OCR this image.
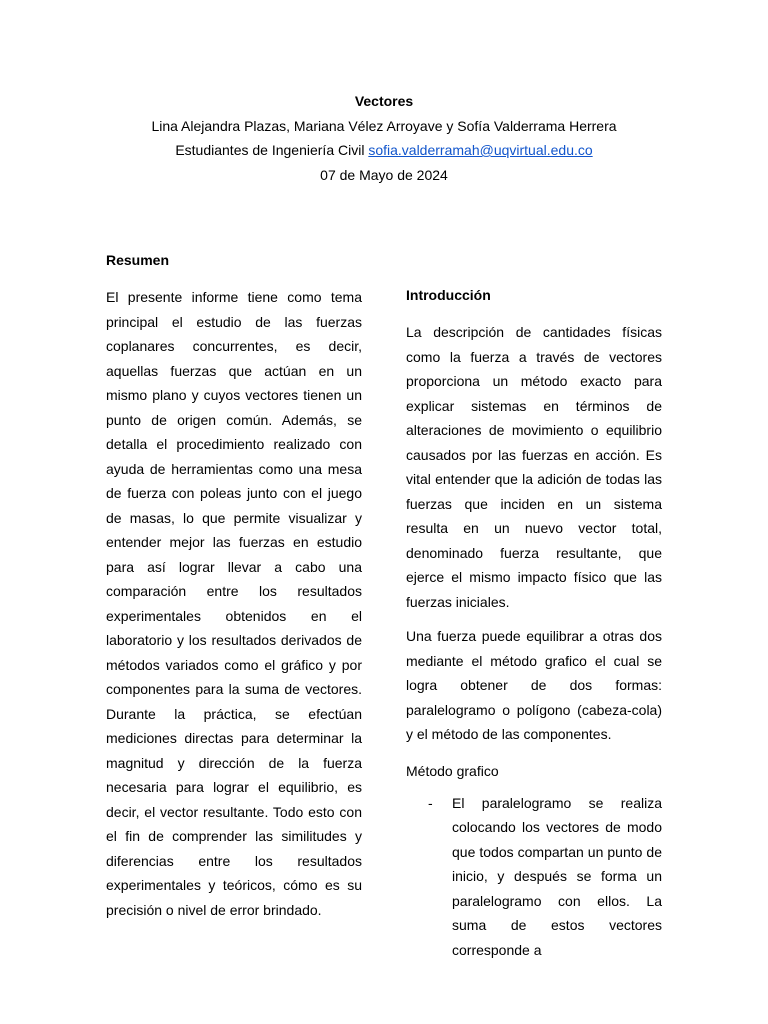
Vectores
Lina Alejandra Plazas, Mariana Vélez Arroyave y Sofía Valderrama Herrera
Estudiantes de Ingeniería Civil sofia.valderramah@uqvirtual.edu.co
07 de Mayo de 2024

Resumen

El presente informe tiene como tema principal el estudio de las fuerzas coplanares concurrentes, es decir, aquellas fuerzas que actúan en un mismo plano y cuyos vectores tienen un punto de origen común. Además, se detalla el procedimiento realizado con ayuda de herramientas como una mesa de fuerza con poleas junto con el juego de masas, lo que permite visualizar y entender mejor las fuerzas en estudio para así lograr llevar a cabo una comparación entre los resultados experimentales obtenidos en el laboratorio y los resultados derivados de métodos variados como el gráfico y por componentes para la suma de vectores. Durante la práctica, se efectúan mediciones directas para determinar la magnitud y dirección de la fuerza necesaria para lograr el equilibrio, es decir, el vector resultante. Todo esto con el fin de comprender las similitudes y diferencias entre los resultados experimentales y teóricos, cómo es su precisión o nivel de error brindado.

Introducción

La descripción de cantidades físicas como la fuerza a través de vectores proporciona un método exacto para explicar sistemas en términos de alteraciones de movimiento o equilibrio causados por las fuerzas en acción. Es vital entender que la adición de todas las fuerzas que inciden en un sistema resulta en un nuevo vector total, denominado fuerza resultante, que ejerce el mismo impacto físico que las fuerzas iniciales.

Una fuerza puede equilibrar a otras dos mediante el método grafico el cual se logra obtener de dos formas: paralelogramo o polígono (cabeza-cola) y el método de las componentes.

Método grafico

- El paralelogramo se realiza colocando los vectores de modo que todos compartan un punto de inicio, y después se forma un paralelogramo con ellos. La suma de estos vectores corresponde a
